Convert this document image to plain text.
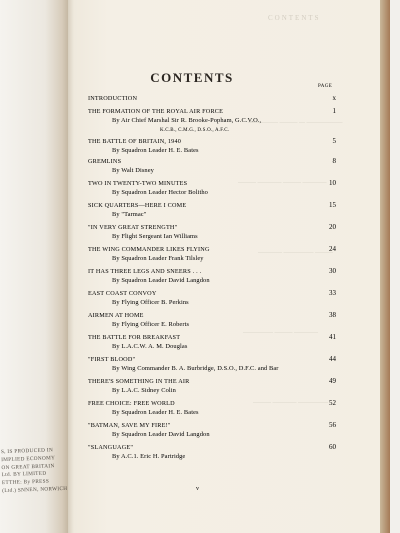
S, IS PRODUCED IN
IMPLIED ECONOMY
ON GREAT BRITAIN
Ltd. BY LIMITED
ETTHE: By PRESS
(Ltd.) SNNEN, NORWICH
CONTENTS
————— ——— — ——————
——— ———— ——— ————
———— ————— ———
————— ——— ————
——— ———— —————
CONTENTS
PAGE
INTRODUCTION	x
THE FORMATION OF THE ROYAL AIR FORCE	1
By Air Chief Marshal Sir R. Brooke-Popham, G.C.V.O.,
K.C.B., C.M.G., D.S.O., A.F.C.
THE BATTLE OF BRITAIN, 1940	5
By Squadron Leader H. E. Bates
GREMLINS	8
By Walt Disney
TWO IN TWENTY-TWO MINUTES	10
By Squadron Leader Hector Bolitho
SICK QUARTERS—HERE I COME	15
By "Tarmac"
"IN VERY GREAT STRENGTH"	20
By Flight Sergeant Ian Williams
THE WING COMMANDER LIKES FLYING	24
By Squadron Leader Frank Tilsley
IT HAS THREE LEGS AND SNEERS . . .	30
By Squadron Leader David Langdon
EAST COAST CONVOY	33
By Flying Officer B. Perkins
AIRMEN AT HOME	38
By Flying Officer E. Roberts
THE BATTLE FOR BREAKFAST	41
By L.A.C.W. A. M. Douglas
"FIRST BLOOD"	44
By Wing Commander B. A. Burbridge, D.S.O., D.F.C. and Bar
THERE'S SOMETHING IN THE AIR	49
By L.A.C. Sidney Colin
FREE CHOICE: FREE WORLD	52
By Squadron Leader H. E. Bates
"BATMAN, SAVE MY FIRE!"	56
By Squadron Leader David Langdon
"SLANGUAGE"	60
By A.C.1. Eric H. Partridge
v
